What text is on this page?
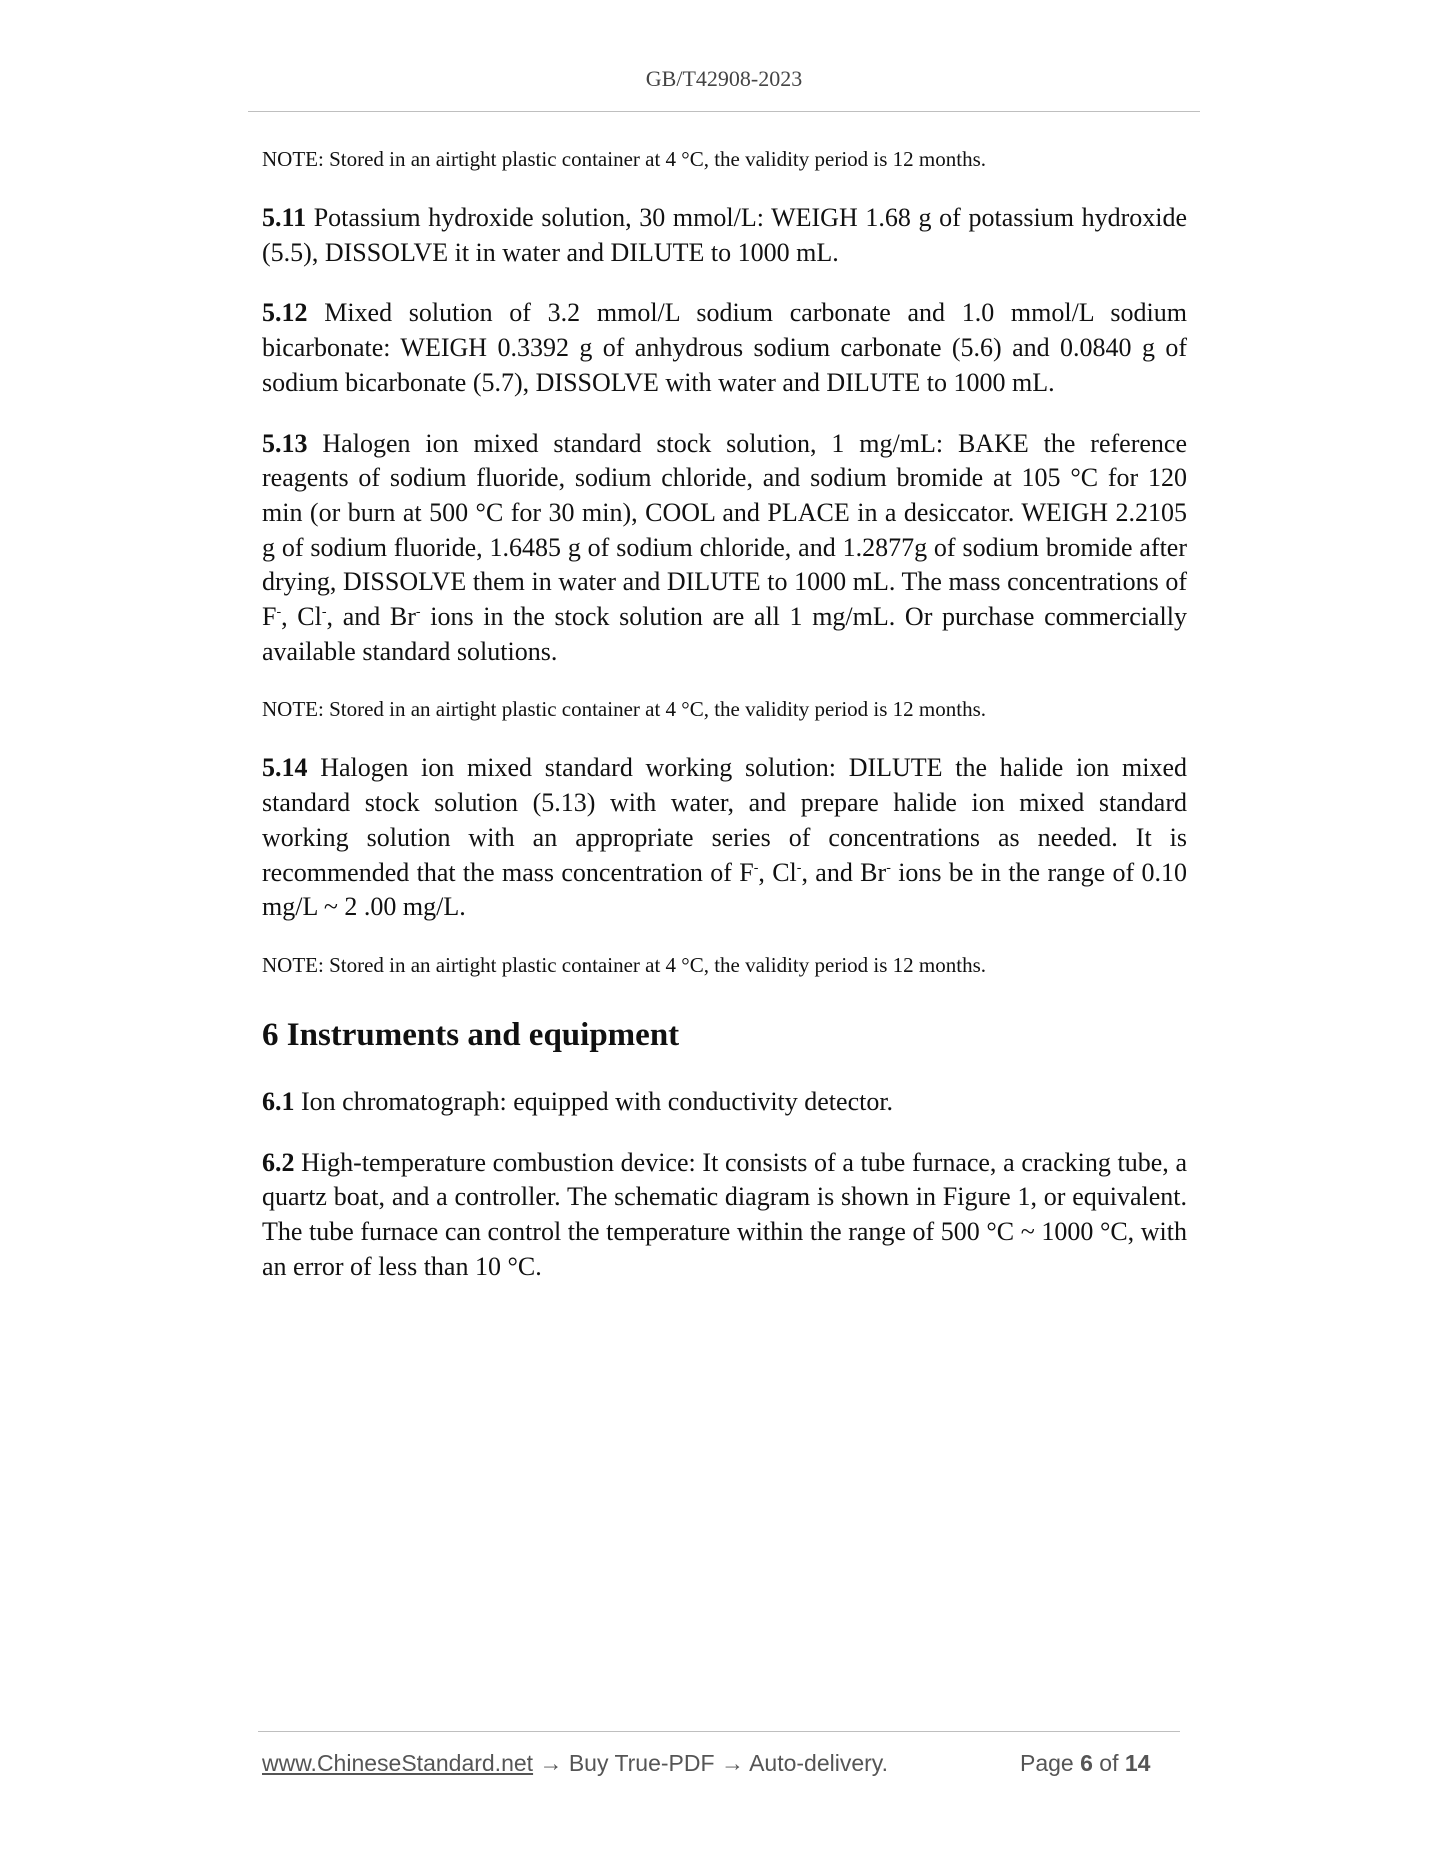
GB/T42908-2023

NOTE: Stored in an airtight plastic container at 4 °C, the validity period is 12 months.

5.11 Potassium hydroxide solution, 30 mmol/L: WEIGH 1.68 g of potassium hydroxide (5.5), DISSOLVE it in water and DILUTE to 1000 mL.

5.12 Mixed solution of 3.2 mmol/L sodium carbonate and 1.0 mmol/L sodium bicarbonate: WEIGH 0.3392 g of anhydrous sodium carbonate (5.6) and 0.0840 g of sodium bicarbonate (5.7), DISSOLVE with water and DILUTE to 1000 mL.

5.13 Halogen ion mixed standard stock solution, 1 mg/mL: BAKE the reference reagents of sodium fluoride, sodium chloride, and sodium bromide at 105 °C for 120 min (or burn at 500 °C for 30 min), COOL and PLACE in a desiccator. WEIGH 2.2105 g of sodium fluoride, 1.6485 g of sodium chloride, and 1.2877g of sodium bromide after drying, DISSOLVE them in water and DILUTE to 1000 mL. The mass concentrations of F-, Cl-, and Br- ions in the stock solution are all 1 mg/mL. Or purchase commercially available standard solutions.

NOTE: Stored in an airtight plastic container at 4 °C, the validity period is 12 months.

5.14 Halogen ion mixed standard working solution: DILUTE the halide ion mixed standard stock solution (5.13) with water, and prepare halide ion mixed standard working solution with an appropriate series of concentrations as needed. It is recommended that the mass concentration of F-, Cl-, and Br- ions be in the range of 0.10 mg/L ~ 2 .00 mg/L.

NOTE: Stored in an airtight plastic container at 4 °C, the validity period is 12 months.

6 Instruments and equipment

6.1 Ion chromatograph: equipped with conductivity detector.

6.2 High-temperature combustion device: It consists of a tube furnace, a cracking tube, a quartz boat, and a controller. The schematic diagram is shown in Figure 1, or equivalent. The tube furnace can control the temperature within the range of 500 °C ~ 1000 °C, with an error of less than 10 °C.

www.ChineseStandard.net → Buy True-PDF → Auto-delivery.	Page 6 of 14
